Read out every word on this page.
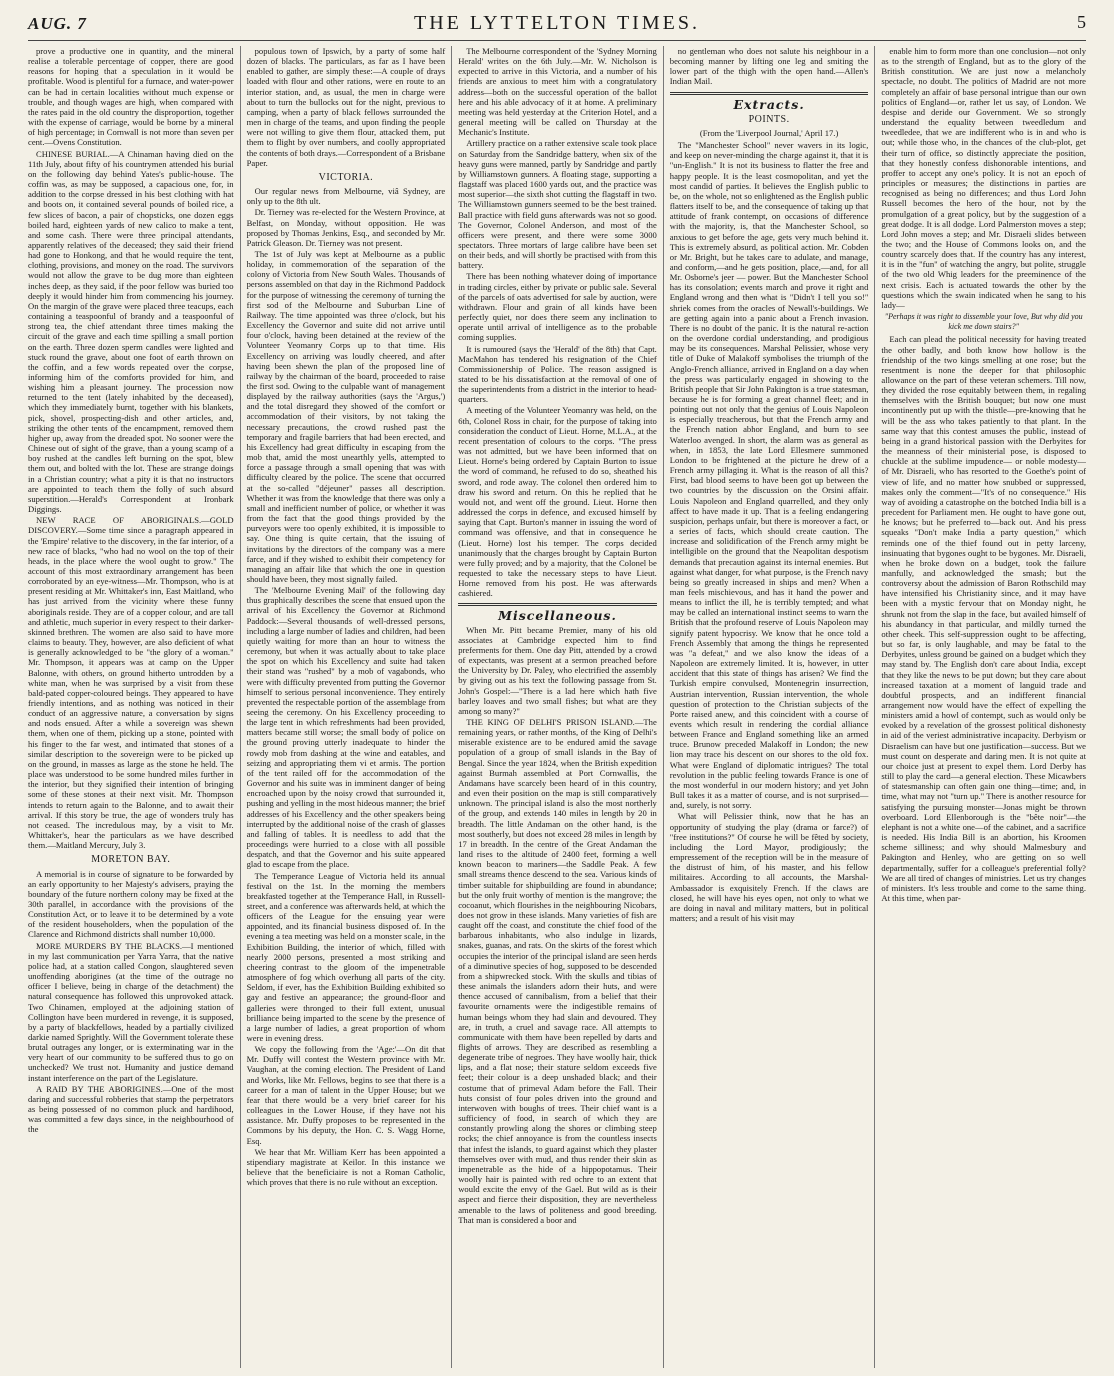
AUG. 7	THE LYTTELTON TIMES.	5

prove a productive one in quantity, and the mineral realise a tolerable percentage of copper, there are good reasons for hoping that a speculation in it would be profitable. Wood is plentiful for a furnace, and water-power can be had in certain localities without much expense or trouble, and though wages are high, when compared with the rates paid in the old country the disproportion, together with the expense of carriage, would be borne by a mineral of high percentage; in Cornwall is not more than seven per cent.—Ovens Constitution.

CHINESE BURIAL.—A Chinaman having died on the 11th July, about fifty of his countrymen attended his burial on the following day behind Yates's public-house. The coffin was, as may be supposed, a capacious one, for, in addition to the corpse dressed in his best clothing with hat and boots on, it contained several pounds of boiled rice, a few slices of bacon, a pair of chopsticks, one dozen eggs boiled hard, eighteen yards of new calico to make a tent, and some cash. There were three principal attendants, apparently relatives of the deceased; they said their friend had gone to Honkong, and that he would require the tent, clothing, provisions, and money on the road. The survivors would not allow the grave to be dug more than eighteen inches deep, as they said, if the poor fellow was buried too deeply it would hinder him from commencing his journey. On the margin of the grave were placed three teacups, each containing a teaspoonful of brandy and a teaspoonful of strong tea, the chief attendant three times making the circuit of the grave and each time spilling a small portion on the earth. Three dozen sperm candles were lighted and stuck round the grave, about one foot of earth thrown on the coffin, and a few words repeated over the corpse, informing him of the comforts provided for him, and wishing him a pleasant journey. The procession now returned to the tent (lately inhabited by the deceased), which they immediately burnt, together with his blankets, pick, shovel, prospecting-dish and other articles, and, striking the other tents of the encampment, removed them higher up, away from the dreaded spot. No sooner were the Chinese out of sight of the grave, than a young scamp of a boy rushed at the candles left burning on the spot, blew them out, and bolted with the lot. These are strange doings in a Christian country; what a pity it is that no instructors are appointed to teach them the folly of such absurd superstition.—Herald's Correspondent at Ironbark Diggings.

NEW RACE OF ABORIGINALS.—GOLD DISCOVERY.—Some time since a paragraph appeared in the 'Empire' relative to the discovery, in the far interior, of a new race of blacks, "who had no wool on the top of their heads, in the place where the wool ought to grow." The account of this most extraordinary arrangement has been corroborated by an eye-witness—Mr. Thompson, who is at present residing at Mr. Whittaker's inn, East Maitland, who has just arrived from the vicinity where these funny aboriginals reside. They are of a copper colour, and are tall and athletic, much superior in every respect to their darker-skinned brethren. The women are also said to have more claims to beauty. They, however, are also deficient of what is generally acknowledged to be "the glory of a woman." Mr. Thompson, it appears was at camp on the Upper Balonne, with others, on ground hitherto untrodden by a white man, when he was surprised by a visit from these bald-pated copper-coloured beings. They appeared to have friendly intentions, and as nothing was noticed in their conduct of an aggressive nature, a conversation by signs and nods ensued. After a while a sovereign was shewn them, when one of them, picking up a stone, pointed with his finger to the far west, and intimated that stones of a similar description to the sovereign were to be picked up on the ground, in masses as large as the stone he held. The place was understood to be some hundred miles further in the interior, but they signified their intention of bringing some of these stones at their next visit. Mr. Thompson intends to return again to the Balonne, and to await their arrival. If this story be true, the age of wonders truly has not ceased. The incredulous may, by a visit to Mr. Whittaker's, hear the particulars as we have described them.—Maitland Mercury, July 3.

MORETON BAY.

A memorial is in course of signature to be forwarded by an early opportunity to her Majesty's advisers, praying the boundary of the future northern colony may be fixed at the 30th parallel, in accordance with the provisions of the Constitution Act, or to leave it to be determined by a vote of the resident householders, when the population of the Clarence and Richmond districts shall number 10,000.

MORE MURDERS BY THE BLACKS.—I mentioned in my last communication per Yarra Yarra, that the native police had, at a station called Congon, slaughtered seven unoffending aborigines (at the time of the outrage no officer I believe, being in charge of the detachment) the natural consequence has followed this unprovoked attack. Two Chinamen, employed at the adjoining station of Collington have been murdered in revenge, it is supposed, by a party of blackfellows, headed by a partially civilized darkie named Sprightly. Will the Government tolerate these brutal outrages any longer, or is exterminating war in the very heart of our community to be suffered thus to go on unchecked? We trust not. Humanity and justice demand instant interference on the part of the Legislature.

A RAID BY THE ABORIGINES.—One of the most daring and successful robberies that stamp the perpetrators as being possessed of no common pluck and hardihood, was committed a few days since, in the neighbourhood of the

populous town of Ipswich, by a party of some half dozen of blacks. The particulars, as far as I have been enabled to gather, are simply these:—A couple of drays loaded with flour and other rations, were en route to an interior station, and, as usual, the men in charge were about to turn the bullocks out for the night, previous to camping, when a party of black fellows surrounded the men in charge of the teams, and upon finding the people were not willing to give them flour, attacked them, put them to flight by over numbers, and coolly appropriated the contents of both drays.—Correspondent of a Brisbane Paper.

VICTORIA.

Our regular news from Melbourne, viâ Sydney, are only up to the 8th ult.

Dr. Tierney was re-elected for the Western Province, at Belfast, on Monday, without opposition. He was proposed by Thomas Jenkins, Esq., and seconded by Mr. Patrick Gleason. Dr. Tierney was not present.

The 1st of July was kept at Melbourne as a public holiday, in commemoration of the separation of the colony of Victoria from New South Wales. Thousands of persons assembled on that day in the Richmond Paddock for the purpose of witnessing the ceremony of turning the first sod of the Melbourne and Suburban Line of Railway. The time appointed was three o'clock, but his Excellency the Governor and suite did not arrive until four o'clock, having been detained at the review of the Volunteer Yeomanry Corps up to that time. His Excellency on arriving was loudly cheered, and after having been shewn the plan of the proposed line of railway by the chairman of the board, proceeded to raise the first sod. Owing to the culpable want of management displayed by the railway authorities (says the 'Argus,') and the total disregard they showed of the comfort or accommodation of their visitors, by not taking the necessary precautions, the crowd rushed past the temporary and fragile barriers that had been erected, and his Excellency had great difficulty in escaping from the mob that, amid the most unearthly yells, attempted to force a passage through a small opening that was with difficulty cleared by the police. The scene that occurred at the so-called "déjeuner" passes all description. Whether it was from the knowledge that there was only a small and inefficient number of police, or whether it was from the fact that the good things provided by the purveyors were too openly exhibited, it is impossible to say. One thing is quite certain, that the issuing of invitations by the directors of the company was a mere farce, and if they wished to exhibit their competency for managing an affair like that which the one in question should have been, they most signally failed.

The 'Melbourne Evening Mail' of the following day thus graphically describes the scene that ensued upon the arrival of his Excellency the Governor at Richmond Paddock:—Several thousands of well-dressed persons, including a large number of ladies and children, had been quietly waiting for more than an hour to witness the ceremony, but when it was actually about to take place the spot on which his Excellency and suite had taken their stand was "rushed" by a mob of vagabonds, who were with difficulty prevented from putting the Governor himself to serious personal inconvenience. They entirely prevented the respectable portion of the assemblage from seeing the ceremony. On his Excellency proceeding to the large tent in which refreshments had been provided, matters became still worse; the small body of police on the ground proving utterly inadequate to hinder the rowdy mob from dashing at the wine and eatables, and seizing and appropriating them vi et armis. The portion of the tent railed off for the accommodation of the Governor and his suite was in imminent danger of being encroached upon by the noisy crowd that surrounded it, pushing and yelling in the most hideous manner; the brief addresses of his Excellency and the other speakers being interrupted by the additional noise of the crash of glasses and falling of tables. It is needless to add that the proceedings were hurried to a close with all possible despatch, and that the Governor and his suite appeared glad to escape from the place.

The Temperance League of Victoria held its annual festival on the 1st. In the morning the members breakfasted together at the Temperance Hall, in Russell-street, and a conference was afterwards held, at which the officers of the League for the ensuing year were appointed, and its financial business disposed of. In the evening a tea meeting was held on a monster scale, in the Exhibition Building, the interior of which, filled with nearly 2000 persons, presented a most striking and cheering contrast to the gloom of the impenetrable atmosphere of fog which overhung all parts of the city. Seldom, if ever, has the Exhibition Building exhibited so gay and festive an appearance; the ground-floor and galleries were thronged to their full extent, unusual brilliance being imparted to the scene by the presence of a large number of ladies, a great proportion of whom were in evening dress.

We copy the following from the 'Age:'—On dit that Mr. Duffy will contest the Western province with Mr. Vaughan, at the coming election. The President of Land and Works, like Mr. Fellows, begins to see that there is a career for a man of talent in the Upper House; but we fear that there would be a very brief career for his colleagues in the Lower House, if they have not his assistance. Mr. Duffy proposes to be represented in the Commons by his deputy, the Hon. C. S. Wagg Horne, Esq.

We hear that Mr. William Kerr has been appointed a stipendiary magistrate at Keilor. In this instance we believe that the beneficiaire is not a Roman Catholic, which proves that there is no rule without an exception.

The Melbourne correspondent of the 'Sydney Morning Herald' writes on the 6th July.—Mr. W. Nicholson is expected to arrive in this Victoria, and a number of his friends are anxious to meet him with a congratulatory address—both on the successful operation of the ballot here and his able advocacy of it at home. A preliminary meeting was held yesterday at the Criterion Hotel, and a general meeting will be called on Thursday at the Mechanic's Institute.

Artillery practice on a rather extensive scale took place on Saturday from the Sandridge battery, when six of the heavy guns were manned, partly by Sandridge and partly by Williamstown gunners. A floating stage, supporting a flagstaff was placed 1600 yards out, and the practice was most superior—the sixth shot cutting the flagstaff in two. The Williamstown gunners seemed to be the best trained. Ball practice with field guns afterwards was not so good. The Governor, Colonel Anderson, and most of the officers were present, and there were some 3000 spectators. Three mortars of large calibre have been set on their beds, and will shortly be practised with from this battery.

There has been nothing whatever doing of importance in trading circles, either by private or public sale. Several of the parcels of oats advertised for sale by auction, were withdrawn. Flour and grain of all kinds have been perfectly quiet, nor does there seem any inclination to operate until arrival of intelligence as to the probable coming supplies.

It is rumoured (says the 'Herald' of the 8th) that Capt. MacMahon has tendered his resignation of the Chief Commissionership of Police. The reason assigned is stated to be his dissatisfaction at the removal of one of the superintendents from a district in the interior to head-quarters.

A meeting of the Volunteer Yeomanry was held, on the 6th, Colonel Ross in chair, for the purpose of taking into consideration the conduct of Lieut. Horne, M.L.A., at the recent presentation of colours to the corps. "The press was not admitted, but we have been informed that on Lieut. Horne's being ordered by Captain Burton to issue the word of command, he refused to do so, sheathed his sword, and rode away. The colonel then ordered him to draw his sword and return. On this he replied that he would not, and went off the ground. Lieut. Horne then addressed the corps in defence, and excused himself by saying that Capt. Burton's manner in issuing the word of command was offensive, and that in consequence he (Lieut. Horne) lost his temper. The corps decided unanimously that the charges brought by Captain Burton were fully proved; and by a majority, that the Colonel be requested to take the necessary steps to have Lieut. Horne removed from his post. He was afterwards cashiered.

Miscellaneous.

When Mr. Pitt became Premier, many of his old associates at Cambridge expected him to find preferments for them. One day Pitt, attended by a crowd of expectants, was present at a sermon preached before the University by Dr. Paley, who electrified the assembly by giving out as his text the following passage from St. John's Gospel:—"There is a lad here which hath five barley loaves and two small fishes; but what are they among so many?"

THE KING OF DELHI'S PRISON ISLAND.—The remaining years, or rather months, of the King of Delhi's miserable existence are to be endured amid the savage population of a group of small islands in the Bay of Bengal. Since the year 1824, when the British expedition against Burmah assembled at Port Cornwallis, the Andamans have scarcely been heard of in this country, and even their position on the map is still comparatively unknown. The principal island is also the most northerly of the group, and extends 140 miles in length by 20 in breadth. The little Andaman on the other hand, is the most southerly, but does not exceed 28 miles in length by 17 in breadth. In the centre of the Great Andaman the land rises to the altitude of 2400 feet, forming a well known beacon to mariners—the Saddle Peak. A few small streams thence descend to the sea. Various kinds of timber suitable for shipbuilding are found in abundance; but the only fruit worthy of mention is the mangrove; the cocoanut, which flourishes in the neighbouring Nicobars, does not grow in these islands. Many varieties of fish are caught off the coast, and constitute the chief food of the barbarous inhabitants, who also indulge in lizards, snakes, guanas, and rats. On the skirts of the forest which occupies the interior of the principal island are seen herds of a diminutive species of hog, supposed to be descended from a shipwrecked stock. With the skulls and tibias of these animals the islanders adorn their huts, and were thence accused of cannibalism, from a belief that their favourite ornaments were the indigestible remains of human beings whom they had slain and devoured. They are, in truth, a cruel and savage race. All attempts to communicate with them have been repelled by darts and flights of arrows. They are described as resembling a degenerate tribe of negroes. They have woolly hair, thick lips, and a flat nose; their stature seldom exceeds five feet; their colour is a deep unshaded black; and their costume that of primeval Adam before the Fall. Their huts consist of four poles driven into the ground and interwoven with boughs of trees. Their chief want is a sufficiency of food, in search of which they are constantly prowling along the shores or climbing steep rocks; the chief annoyance is from the countless insects that infest the islands, to guard against which they plaster themselves over with mud, and thus render their skin as impenetrable as the hide of a hippopotamus. Their woolly hair is painted with red ochre to an extent that would excite the envy of the Gael. But wild as is their aspect and fierce their disposition, they are nevertheless amenable to the laws of politeness and good breeding. That man is considered a boor and

no gentleman who does not salute his neighbour in a becoming manner by lifting one leg and smiting the lower part of the thigh with the open hand.—Allen's Indian Mail.

Extracts.
POINTS.
(From the 'Liverpool Journal,' April 17.)

The "Manchester School" never wavers in its logic, and keep on never-minding the charge against it, that it is "un-English." It is not its business to flatter the free and happy people. It is the least cosmopolitan, and yet the most candid of parties. It believes the English public to be, on the whole, not so enlightened as the English public flatters itself to be, and the consequence of taking up that attitude of frank contempt, on occasions of difference with the majority, is, that the Manchester School, so anxious to get before the age, gets very much behind it. This is extremely absurd, as political action. Mr. Cobden or Mr. Bright, but he takes care to adulate, and manage, and conform,—and he gets position, place,—and, for all Mr. Osborne's jeer — power. But the Manchester School has its consolation; events march and prove it right and England wrong and then what is "Didn't I tell you so!" shriek comes from the oracles of Newall's-buildings. We are getting again into a panic about a French invasion. There is no doubt of the panic. It is the natural re-action on the overdone cordial understanding, and prodigious may be its consequences. Marshal Pelissier, whose very title of Duke of Malakoff symbolises the triumph of the Anglo-French alliance, arrived in England on a day when the press was particularly engaged in showing to the British people that Sir John Pakington is a true statesman, because he is for forming a great channel fleet; and in pointing out not only that the genius of Louis Napoleon is especially treacherous, but that the French army and the French nation abhor England, and burn to see Waterloo avenged. In short, the alarm was as general as when, in 1853, the late Lord Ellesmere summoned London to be frightened at the picture he drew of a French army pillaging it. What is the reason of all this? First, bad blood seems to have been got up between the two countries by the discussion on the Orsini affair. Louis Napoleon and England quarrelled, and they only affect to have made it up. That is a feeling endangering suspicion, perhaps unfair, but there is moreover a fact, or a series of facts, which should create caution. The increase and solidification of the French army might be intelligible on the ground that the Neapolitan despotism demands that precaution against its internal enemies. But against what danger, for what purpose, is the French navy being so greatly increased in ships and men? When a man feels mischievous, and has it hand the power and means to inflict the ill, he is terribly tempted; and what may be called an international instinct seems to warn the British that the profound reserve of Louis Napoleon may signify patent hypocrisy. We know that he once told a French Assembly that among the things he represented was "a defeat," and we also know the ideas of a Napoleon are extremely limited. It is, however, in utter accident that this state of things has arisen? We find the Turkish empire convulsed, Montenegrin insurrection, Austrian intervention, Russian intervention, the whole question of protection to the Christian subjects of the Porte raised anew, and this coincident with a course of events which result in rendering the cordial alliance between France and England something like an armed truce. Brunow preceded Malakoff in London; the new lion may trace his descent on our shores to the old fox. What were England of diplomatic intrigues? The total revolution in the public feeling towards France is one of the most wonderful in our modern history; and yet John Bull takes it as a matter of course, and is not surprised—and, surely, is not sorry.

What will Pelissier think, now that he has an opportunity of studying the play (drama or farce?) of "free institutions?" Of course he will be fêted by society, including the Lord Mayor, prodigiously; the empressement of the reception will be in the measure of the distrust of him, of his master, and his fellow militaires. According to all accounts, the Marshal-Ambassador is exquisitely French. If the claws are closed, he will have his eyes open, not only to what we are doing in naval and military matters, but in political matters; and a result of his visit may

enable him to form more than one conclusion—not only as to the strength of England, but as to the glory of the British constitution. We are just now a melancholy spectacle, no doubt. The politics of Madrid are not more completely an affair of base personal intrigue than our own politics of England—or, rather let us say, of London. We despise and deride our Government. We so strongly understand the equality between tweedledum and tweedledee, that we are indifferent who is in and who is out; while those who, in the chances of the club-plot, get their turn of office, so distinctly appreciate the position, that they honestly confess dishonorable intentions, and proffer to accept any one's policy. It is not an epoch of principles or measures; the distinctions in parties are recognised as being no differences; and thus Lord John Russell becomes the hero of the hour, not by the promulgation of a great policy, but by the suggestion of a great dodge. It is all dodge. Lord Palmerston moves a step; Lord John moves a step; and Mr. Disraeli slides between the two; and the House of Commons looks on, and the country scarcely does that. If the country has any interest, it is in the "fun" of watching the angry, but polite, struggle of the two old Whig leaders for the preeminence of the next crisis. Each is actuated towards the other by the questions which the swain indicated when he sang to his lady—

"Perhaps it was right to dissemble your love, But why did you kick me down stairs?"

Each can plead the political necessity for having treated the other badly, and both know how hollow is the friendship of the two kings smelling at one rose; but the resentment is none the deeper for that philosophic allowance on the part of these veteran schemers. Till now, they divided the rose equitably between them, in regaling themselves with the British bouquet; but now one must incontinently put up with the thistle—pre-knowing that he will be the ass who takes patiently to that plant. In the same way that this contest amuses the public, instead of being in a grand historical passion with the Derbyites for the meanness of their ministerial pose, is disposed to chuckle at the sublime impudence— or noble modesty— of Mr. Disraeli, who has resorted to the Goethe's point of view of life, and no matter how snubbed or suppressed, makes only the comment—"It's of no consequence." His way of avoiding a catastrophe on the botched India bill is a precedent for Parliament men. He ought to have gone out, he knows; but he preferred to—back out. And his press squeaks "Don't make India a party question," which reminds one of the thief found out in petty larceny, insinuating that bygones ought to be bygones. Mr. Disraeli, when he broke down on a budget, took the failure manfully, and acknowledged the smash; but the controversy about the admission of Baron Rothschild may have intensified his Christianity since, and it may have been with a mystic fervour that on Monday night, he shrunk not from the slap in the face, but availed himself of his abundancy in that particular, and mildly turned the other cheek. This self-suppression ought to be affecting, but so far, is only laughable, and may be fatal to the Derbyites, unless ground be gained on a budget which they may stand by. The English don't care about India, except that they like the news to be put down; but they care about increased taxation at a moment of languid trade and doubtful prospects, and an indifferent financial arrangement now would have the effect of expelling the ministers amid a howl of contempt, such as would only be evoked by a revelation of the grossest political dishonesty in aid of the veriest administrative incapacity. Derbyism or Disraelism can have but one justification—success. But we must count on desperate and daring men. It is not quite at our choice just at present to expel them. Lord Derby has still to play the card—a general election. These Micawbers of statesmanship can often gain one thing—time; and, in time, what may not "turn up." There is another resource for satisfying the pursuing monster—Jonas might be thrown overboard. Lord Ellenborough is the "bête noir"—the elephant is not a white one—of the cabinet, and a sacrifice is needed. His India Bill is an abortion, his Kroomen scheme silliness; and why should Malmesbury and Pakington and Henley, who are getting on so well departmentally, suffer for a colleague's preferential folly? We are all tired of changes of ministries. Let us try changes of ministers. It's less trouble and come to the same thing. At this time, when par-
